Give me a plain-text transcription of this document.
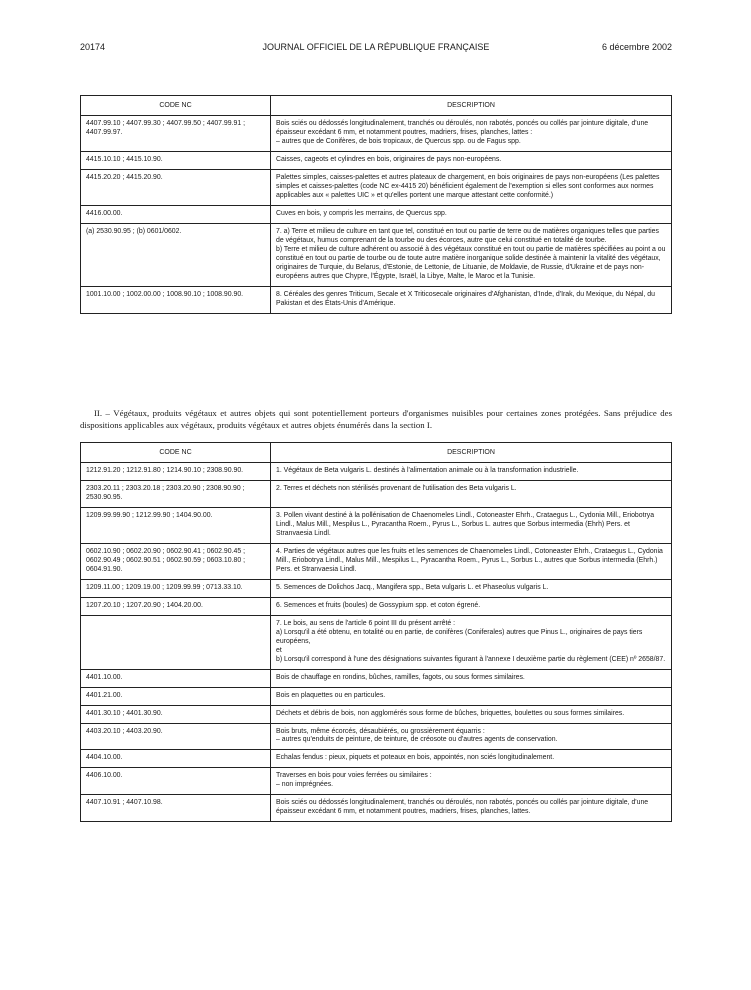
20174	JOURNAL OFFICIEL DE LA RÉPUBLIQUE FRANÇAISE	6 décembre 2002
CODE NC	DESCRIPTION
4407.99.10 ; 4407.99.30 ; 4407.99.50 ; 4407.99.91 ; 4407.99.97.	Bois sciés ou dédossés longitudinalement, tranchés ou déroulés, non rabotés, poncés ou collés par jointure digitale, d'une épaisseur excédant 6 mm, et notamment poutres, madriers, frises, planches, lattes :
– autres que de Conifères, de bois tropicaux, de Quercus spp. ou de Fagus spp.

4415.10.10 ; 4415.10.90.	Caisses, cageots et cylindres en bois, originaires de pays non-européens.

4415.20.20 ; 4415.20.90.	Palettes simples, caisses-palettes et autres plateaux de chargement, en bois originaires de pays non-européens (Les palettes simples et caisses-palettes (code NC ex-4415 20) bénéficient également de l'exemption si elles sont conformes aux normes applicables aux « palettes UIC » et qu'elles portent une marque attestant cette conformité.)

4416.00.00.	Cuves en bois, y compris les merrains, de Quercus spp.

(a) 2530.90.95 ; (b) 0601/0602.	7. a) Terre et milieu de culture en tant que tel, constitué en tout ou partie de terre ou de matières organiques telles que parties de végétaux, humus comprenant de la tourbe ou des écorces, autre que celui constitué en totalité de tourbe.
b) Terre et milieu de culture adhérent ou associé à des végétaux constitué en tout ou partie de matières spécifiées au point a ou constitué en tout ou partie de tourbe ou de toute autre matière inorganique solide destinée à maintenir la vitalité des végétaux, originaires de Turquie, du Belarus, d'Estonie, de Lettonie, de Lituanie, de Moldavie, de Russie, d'Ukraine et de pays non-européens autres que Chypre, l'Égypte, Israël, la Libye, Malte, le Maroc et la Tunisie.

1001.10.00 ; 1002.00.00 ; 1008.90.10 ; 1008.90.90.	8. Céréales des genres Triticum, Secale et X Triticosecale originaires d'Afghanistan, d'Inde, d'Irak, du Mexique, du Népal, du Pakistan et des États-Unis d'Amérique.

II. – Végétaux, produits végétaux et autres objets qui sont potentiellement porteurs d'organismes nuisibles pour certaines zones protégées. Sans préjudice des dispositions applicables aux végétaux, produits végétaux et autres objets énumérés dans la section I.

CODE NC	DESCRIPTION
1212.91.20 ; 1212.91.80 ; 1214.90.10 ; 2308.90.90.	1. Végétaux de Beta vulgaris L. destinés à l'alimentation animale ou à la transformation industrielle.

2303.20.11 ; 2303.20.18 ; 2303.20.90 ; 2308.90.90 ; 2530.90.95.	2. Terres et déchets non stérilisés provenant de l'utilisation des Beta vulgaris L.

1209.99.99.90 ; 1212.99.90 ; 1404.90.00.	3. Pollen vivant destiné à la pollénisation de Chaenomeles Lindl., Cotoneaster Ehrh., Crataegus L., Cydonia Mill., Eriobotrya Lindl., Malus Mill., Mespilus L., Pyracantha Roem., Pyrus L., Sorbus L. autres que Sorbus intermedia (Ehrh) Pers. et Stranvaesia Lindl.

0602.10.90 ; 0602.20.90 ; 0602.90.41 ; 0602.90.45 ; 0602.90.49 ; 0602.90.51 ; 0602.90.59 ; 0603.10.80 ; 0604.91.90.	4. Parties de végétaux autres que les fruits et les semences de Chaenomeles Lindl., Cotoneaster Ehrh., Crataegus L., Cydonia Mill., Eriobotrya Lindl., Malus Mill., Mespilus L., Pyracantha Roem., Pyrus L., Sorbus L., autres que Sorbus intermedia (Ehrh.) Pers. et Stranvaesia Lindl.

1209.11.00 ; 1209.19.00 ; 1209.99.99 ; 0713.33.10.	5. Semences de Dolichos Jacq., Mangifera spp., Beta vulgaris L. et Phaseolus vulgaris L.

1207.20.10 ; 1207.20.90 ; 1404.20.00.	6. Semences et fruits (boules) de Gossypium spp. et coton égrené.

	7. Le bois, au sens de l'article 6 point III du présent arrêté :
a) Lorsqu'il a été obtenu, en totalité ou en partie, de conifères (Coniferales) autres que Pinus L., originaires de pays tiers européens,
et
b) Lorsqu'il correspond à l'une des désignations suivantes figurant à l'annexe I deuxième partie du règlement (CEE) nº 2658/87.

4401.10.00.	Bois de chauffage en rondins, bûches, ramilles, fagots, ou sous formes similaires.

4401.21.00.	Bois en plaquettes ou en particules.

4401.30.10 ; 4401.30.90.	Déchets et débris de bois, non agglomérés sous forme de bûches, briquettes, boulettes ou sous formes similaires.

4403.20.10 ; 4403.20.90.	Bois bruts, même écorcés, désaubiérés, ou grossièrement équarris :
– autres qu'enduits de peinture, de teinture, de créosote ou d'autres agents de conservation.

4404.10.00.	Echalas fendus : pieux, piquets et poteaux en bois, appointés, non sciés longitudinalement.

4406.10.00.	Traverses en bois pour voies ferrées ou similaires :
– non imprégnées.

4407.10.91 ; 4407.10.98.	Bois sciés ou dédossés longitudinalement, tranchés ou déroulés, non rabotés, poncés ou collés par jointure digitale, d'une épaisseur excédant 6 mm, et notamment poutres, madriers, frises, planches, lattes.
